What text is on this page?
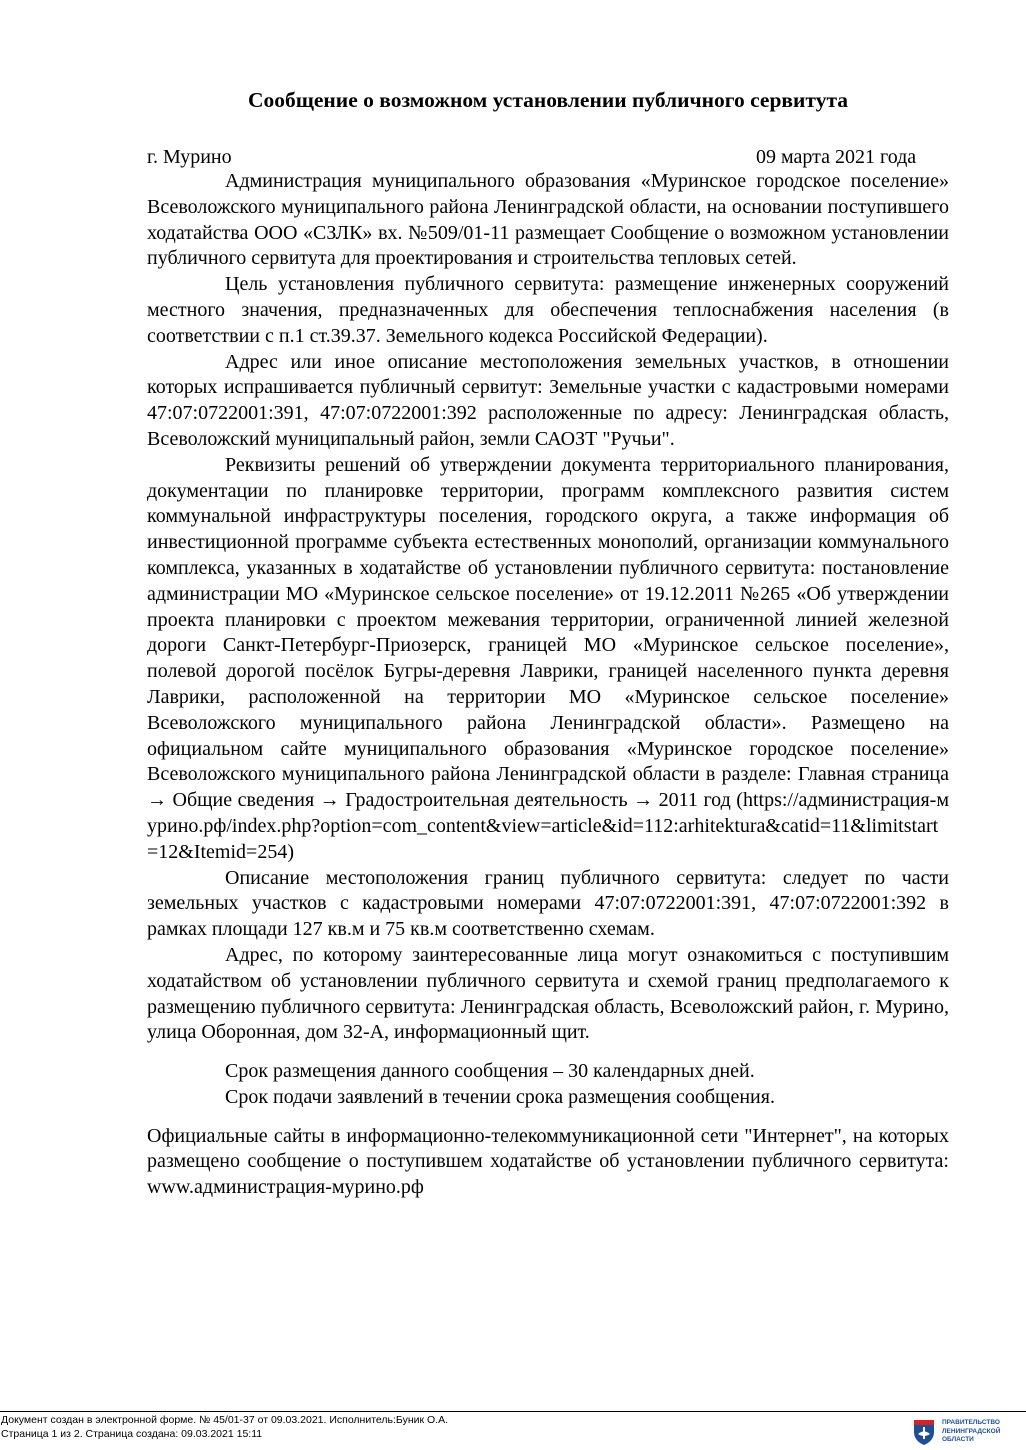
Сообщение о возможном установлении публичного сервитута
г. Мурино	09 марта 2021 года

Администрация муниципального образования «Муринское городское поселение» Всеволожского муниципального района Ленинградской области, на основании поступившего ходатайства ООО «СЗЛК» вх. №509/01-11 размещает Сообщение о возможном установлении публичного сервитута для проектирования и строительства тепловых сетей.

Цель установления публичного сервитута: размещение инженерных сооружений местного значения, предназначенных для обеспечения теплоснабжения населения (в соответствии с п.1 ст.39.37. Земельного кодекса Российской Федерации).

Адрес или иное описание местоположения земельных участков, в отношении которых испрашивается публичный сервитут: Земельные участки с кадастровыми номерами 47:07:0722001:391, 47:07:0722001:392 расположенные по адресу: Ленинградская область, Всеволожский муниципальный район, земли САОЗТ "Ручьи".

Реквизиты решений об утверждении документа территориального планирования, документации по планировке территории, программ комплексного развития систем коммунальной инфраструктуры поселения, городского округа, а также информация об инвестиционной программе субъекта естественных монополий, организации коммунального комплекса, указанных в ходатайстве об установлении публичного сервитута: постановление администрации МО «Муринское сельское поселение» от 19.12.2011 №265 «Об утверждении проекта планировки с проектом межевания территории, ограниченной линией железной дороги Санкт-Петербург-Приозерск, границей МО «Муринское сельское поселение», полевой дорогой посёлок Бугры-деревня Лаврики, границей населенного пункта деревня Лаврики, расположенной на территории МО «Муринское сельское поселение» Всеволожского муниципального района Ленинградской области». Размещено на официальном сайте муниципального образования «Муринское городское поселение» Всеволожского муниципального района Ленинградской области в разделе: Главная страница → Общие сведения → Градостроительная деятельность → 2011 год (https://администрация-мурино.рф/index.php?option=com_content&view=article&id=112:arhitektura&catid=11&limitstart=12&Itemid=254)

Описание местоположения границ публичного сервитута: следует по части земельных участков с кадастровыми номерами 47:07:0722001:391, 47:07:0722001:392 в рамках площади 127 кв.м и 75 кв.м соответственно схемам.

Адрес, по которому заинтересованные лица могут ознакомиться с поступившим ходатайством об установлении публичного сервитута и схемой границ предполагаемого к размещению публичного сервитута: Ленинградская область, Всеволожский район, г. Мурино, улица Оборонная, дом 32-А, информационный щит.

Срок размещения данного сообщения – 30 календарных дней.

Срок подачи заявлений в течении срока размещения сообщения.

Официальные сайты в информационно-телекоммуникационной сети "Интернет", на которых размещено сообщение о поступившем ходатайстве об установлении публичного сервитута: www.администрация-мурино.рф

Документ создан в электронной форме. № 45/01-37 от 09.03.2021. Исполнитель:Буник О.А.
Страница 1 из 2. Страница создана: 09.03.2021 15:11
ПРАВИТЕЛЬСТВО
ЛЕНИНГРАДСКОЙ
ОБЛАСТИ
